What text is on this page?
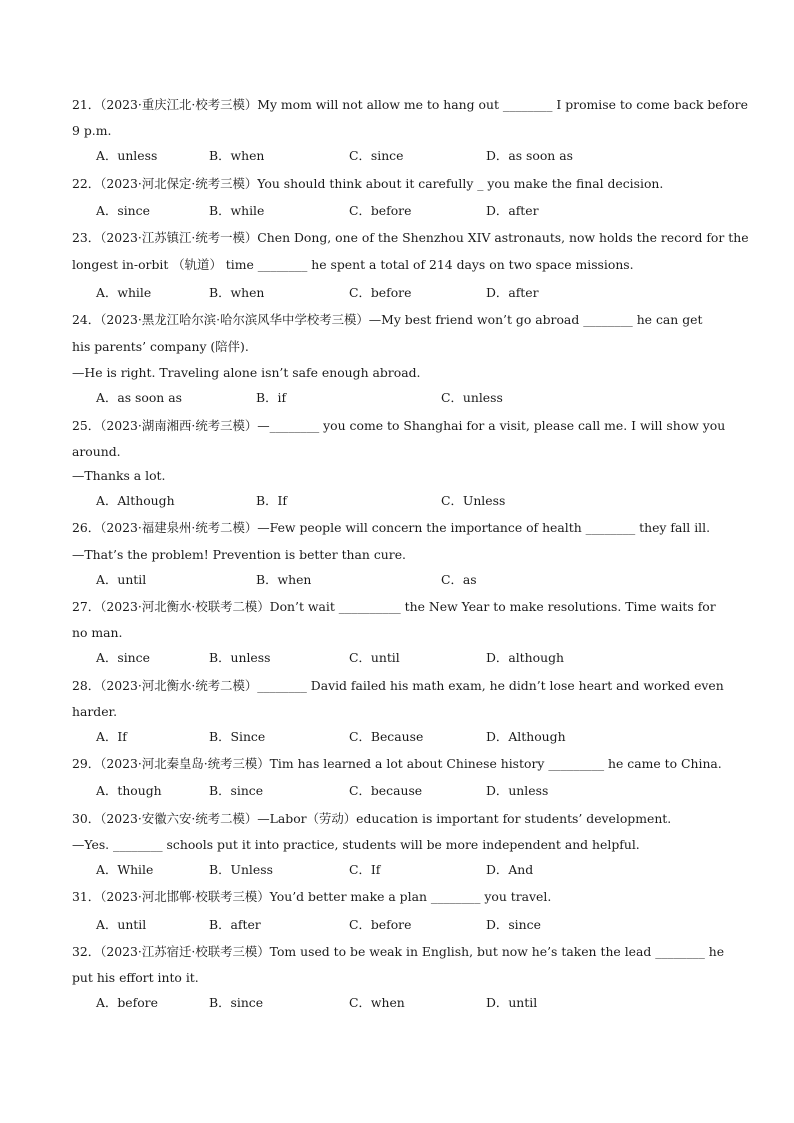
21．（2023·重庆江北·校考三模）My mom will not allow me to hang out ________ I promise to come back before
9 p.m.
A．unless	B．when	C．since	D．as soon as
22．（2023·河北保定·统考三模）You should think about it carefully _ you make the final decision.
A．since	B．while	C．before	D．after
23．（2023·江苏镇江·统考一模）Chen Dong, one of the Shenzhou XIV astronauts, now holds the record for the
longest in-orbit （轨道） time ________ he spent a total of 214 days on two space missions.
A．while	B．when	C．before	D．after
24．（2023·黑龙江哈尔滨·哈尔滨风华中学校考三模）—My best friend won’t go abroad ________ he can get
his parents’ company (陪伴).
—He is right. Traveling alone isn’t safe enough abroad.
A．as soon as	B．if	C．unless
25．（2023·湖南湘西·统考三模）—________ you come to Shanghai for a visit, please call me. I will show you
around.
—Thanks a lot.
A．Although	B．If	C．Unless
26．（2023·福建泉州·统考二模）—Few people will concern the importance of health ________ they fall ill.
—That’s the problem! Prevention is better than cure.
A．until	B．when	C．as
27．（2023·河北衡水·校联考二模）Don’t wait __________ the New Year to make resolutions. Time waits for
no man.
A．since	B．unless	C．until	D．although
28．（2023·河北衡水·统考二模）________ David failed his math exam, he didn’t lose heart and worked even
harder.
A．If	B．Since	C．Because	D．Although
29．（2023·河北秦皇岛·统考三模）Tim has learned a lot about Chinese history _________ he came to China.
A．though	B．since	C．because	D．unless
30．（2023·安徽六安·统考二模）—Labor（劳动）education is important for students’ development.
—Yes. ________ schools put it into practice, students will be more independent and helpful.
A．While	B．Unless	C．If	D．And
31．（2023·河北邯郸·校联考三模）You’d better make a plan ________ you travel.
A．until	B．after	C．before	D．since
32．（2023·江苏宿迁·校联考三模）Tom used to be weak in English, but now he’s taken the lead ________ he
put his effort into it.
A．before	B．since	C．when	D．until
